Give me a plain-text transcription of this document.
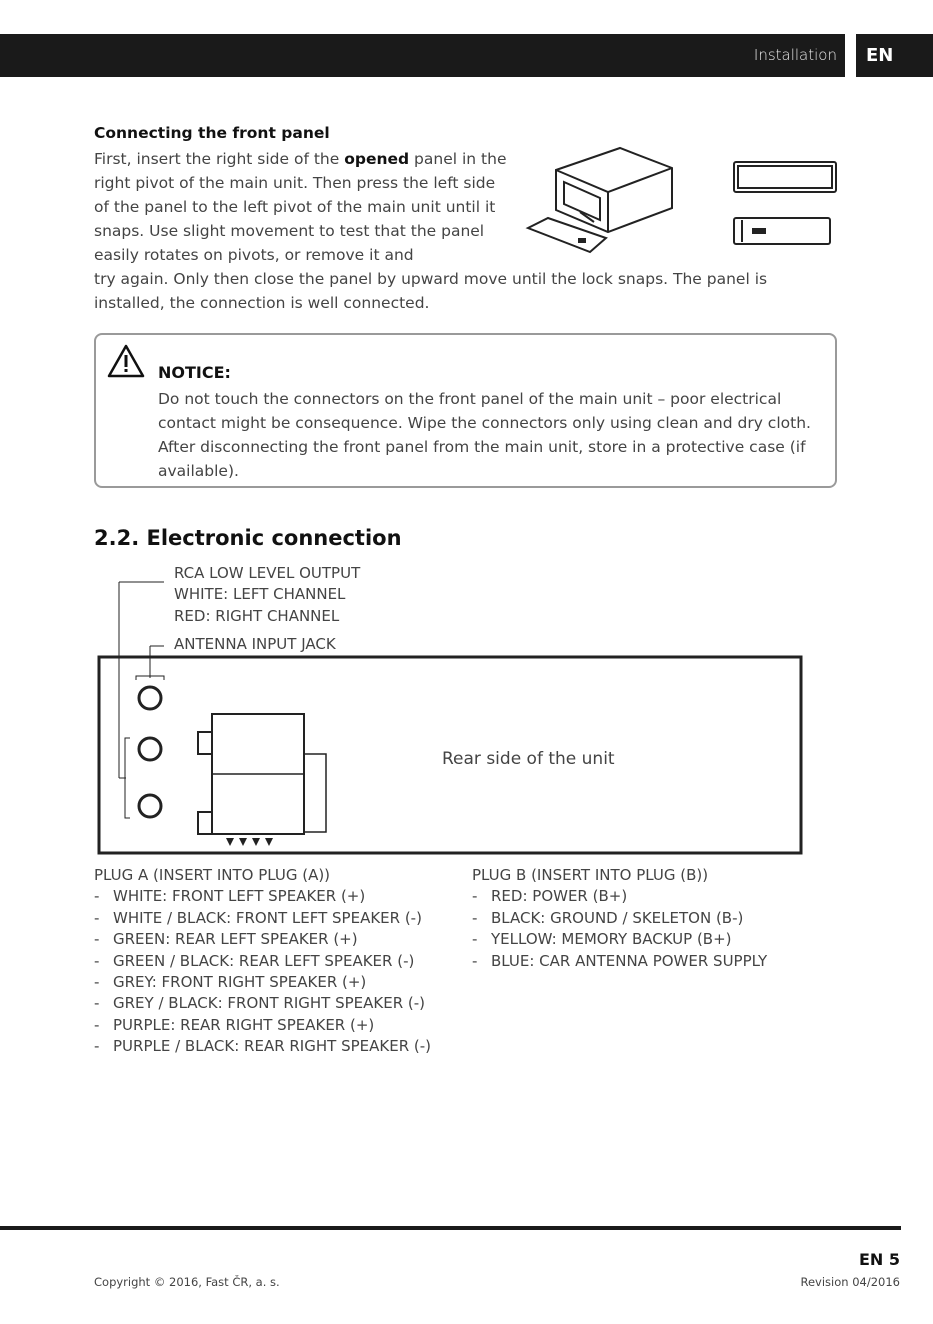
Installation	EN
Connecting the front panel
First, insert the right side of the opened panel in the right pivot of the main unit. Then press the left side of the panel to the left pivot of the main unit until it snaps. Use slight movement to test that the panel easily rotates on pivots, or remove it and
try again. Only then close the panel by upward move until the lock snaps. The panel is installed, the connection is well connected.
NOTICE:
Do not touch the connectors on the front panel of the main unit – poor electrical contact might be consequence. Wipe the connectors only using clean and dry cloth. After disconnecting the front panel from the main unit, store in a protective case (if available).
2.2. Electronic connection
RCA LOW LEVEL OUTPUT
WHITE: LEFT CHANNEL
RED: RIGHT CHANNEL
ANTENNA INPUT JACK
Rear side of the unit
PLUG A (INSERT INTO PLUG (A))
- WHITE: FRONT LEFT SPEAKER (+)
- WHITE / BLACK: FRONT LEFT SPEAKER (-)
- GREEN: REAR LEFT SPEAKER (+)
- GREEN / BLACK: REAR LEFT SPEAKER (-)
- GREY: FRONT RIGHT SPEAKER (+)
- GREY / BLACK: FRONT RIGHT SPEAKER (-)
- PURPLE: REAR RIGHT SPEAKER (+)
- PURPLE / BLACK: REAR RIGHT SPEAKER (-)
PLUG B (INSERT INTO PLUG (B))
- RED: POWER (B+)
- BLACK: GROUND / SKELETON (B-)
- YELLOW: MEMORY BACKUP (B+)
- BLUE: CAR ANTENNA POWER SUPPLY
EN 5
Copyright © 2016, Fast ČR, a. s.	Revision 04/2016
